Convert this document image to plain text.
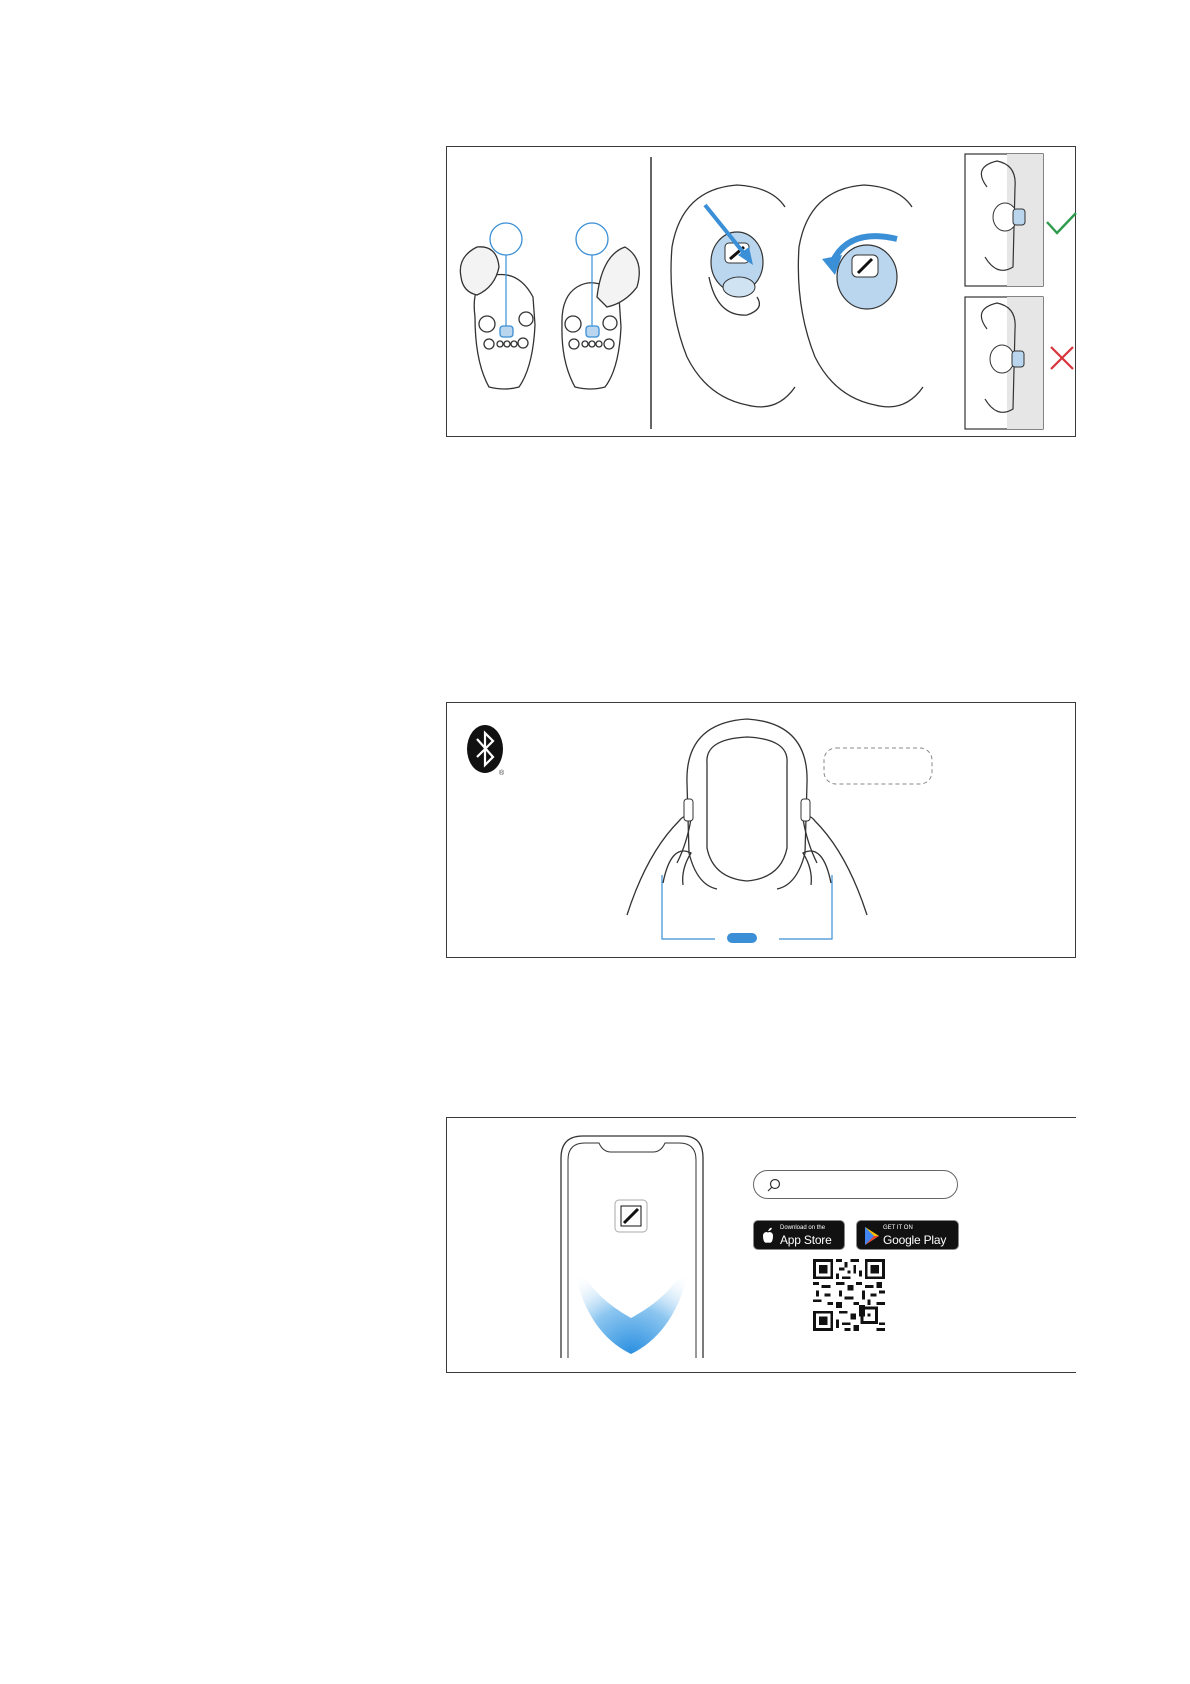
®
Download on the
App Store
GET IT ON
Google Play
